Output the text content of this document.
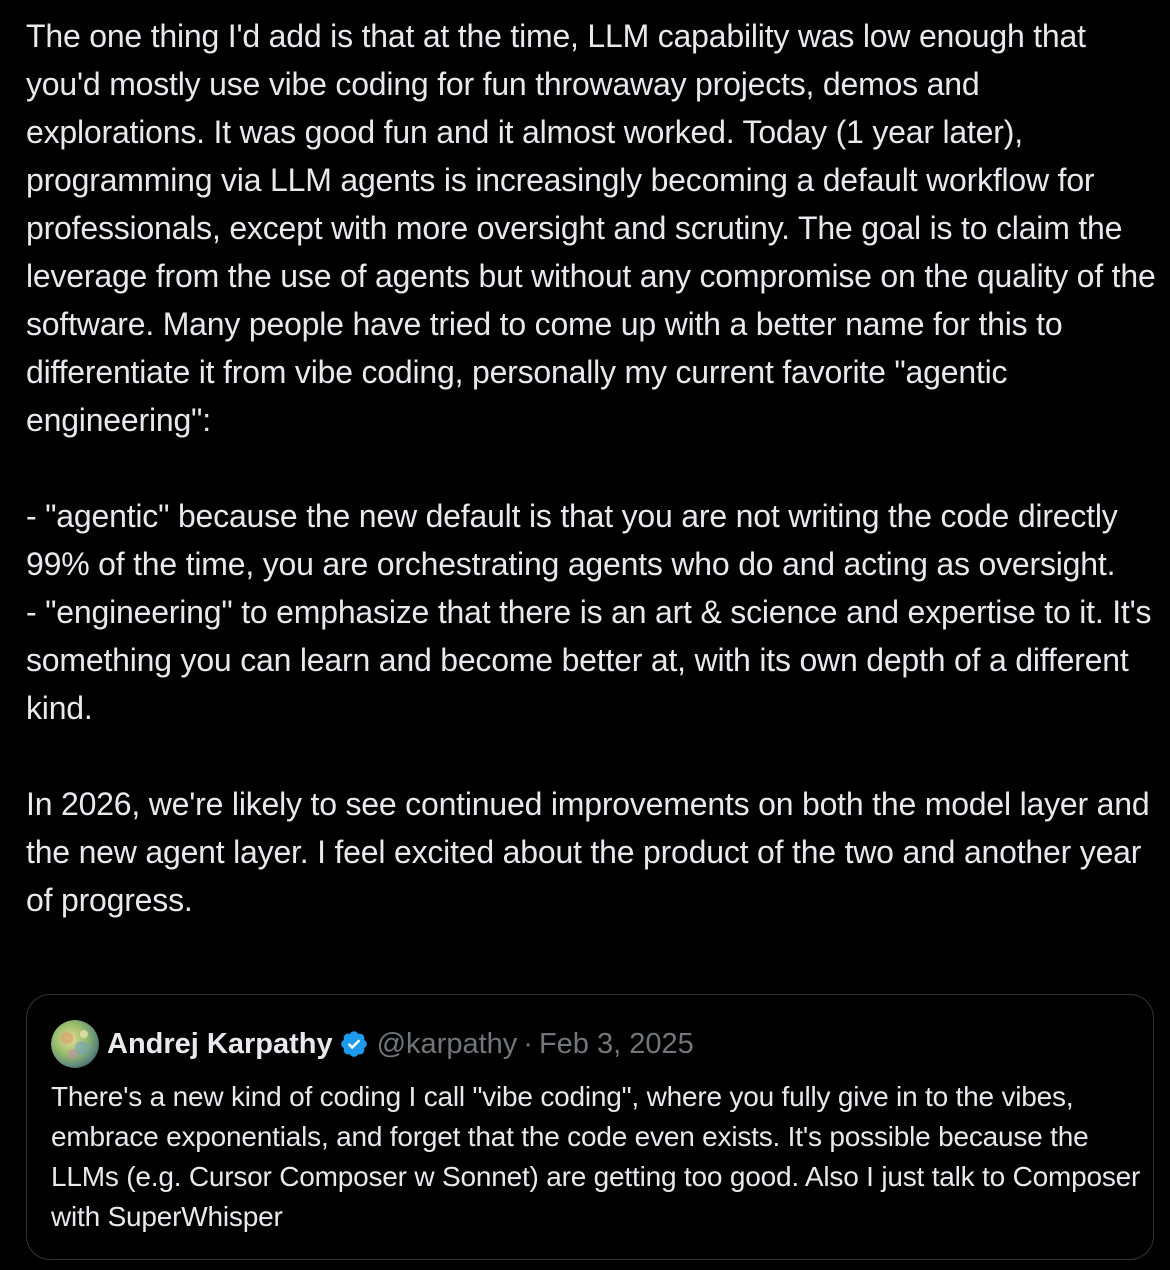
The one thing I'd add is that at the time, LLM capability was low enough that you'd mostly use vibe coding for fun throwaway projects, demos and explorations. It was good fun and it almost worked. Today (1 year later), programming via LLM agents is increasingly becoming a default workflow for professionals, except with more oversight and scrutiny. The goal is to claim the leverage from the use of agents but without any compromise on the quality of the software. Many people have tried to come up with a better name for this to differentiate it from vibe coding, personally my current favorite "agentic engineering":

- "agentic" because the new default is that you are not writing the code directly 99% of the time, you are orchestrating agents who do and acting as oversight.
- "engineering" to emphasize that there is an art & science and expertise to it. It's something you can learn and become better at, with its own depth of a different kind.

In 2026, we're likely to see continued improvements on both the model layer and the new agent layer. I feel excited about the product of the two and another year of progress.

Andrej Karpathy @karpathy · Feb 3, 2025

There's a new kind of coding I call "vibe coding", where you fully give in to the vibes, embrace exponentials, and forget that the code even exists. It's possible because the LLMs (e.g. Cursor Composer w Sonnet) are getting too good. Also I just talk to Composer with SuperWhisper
